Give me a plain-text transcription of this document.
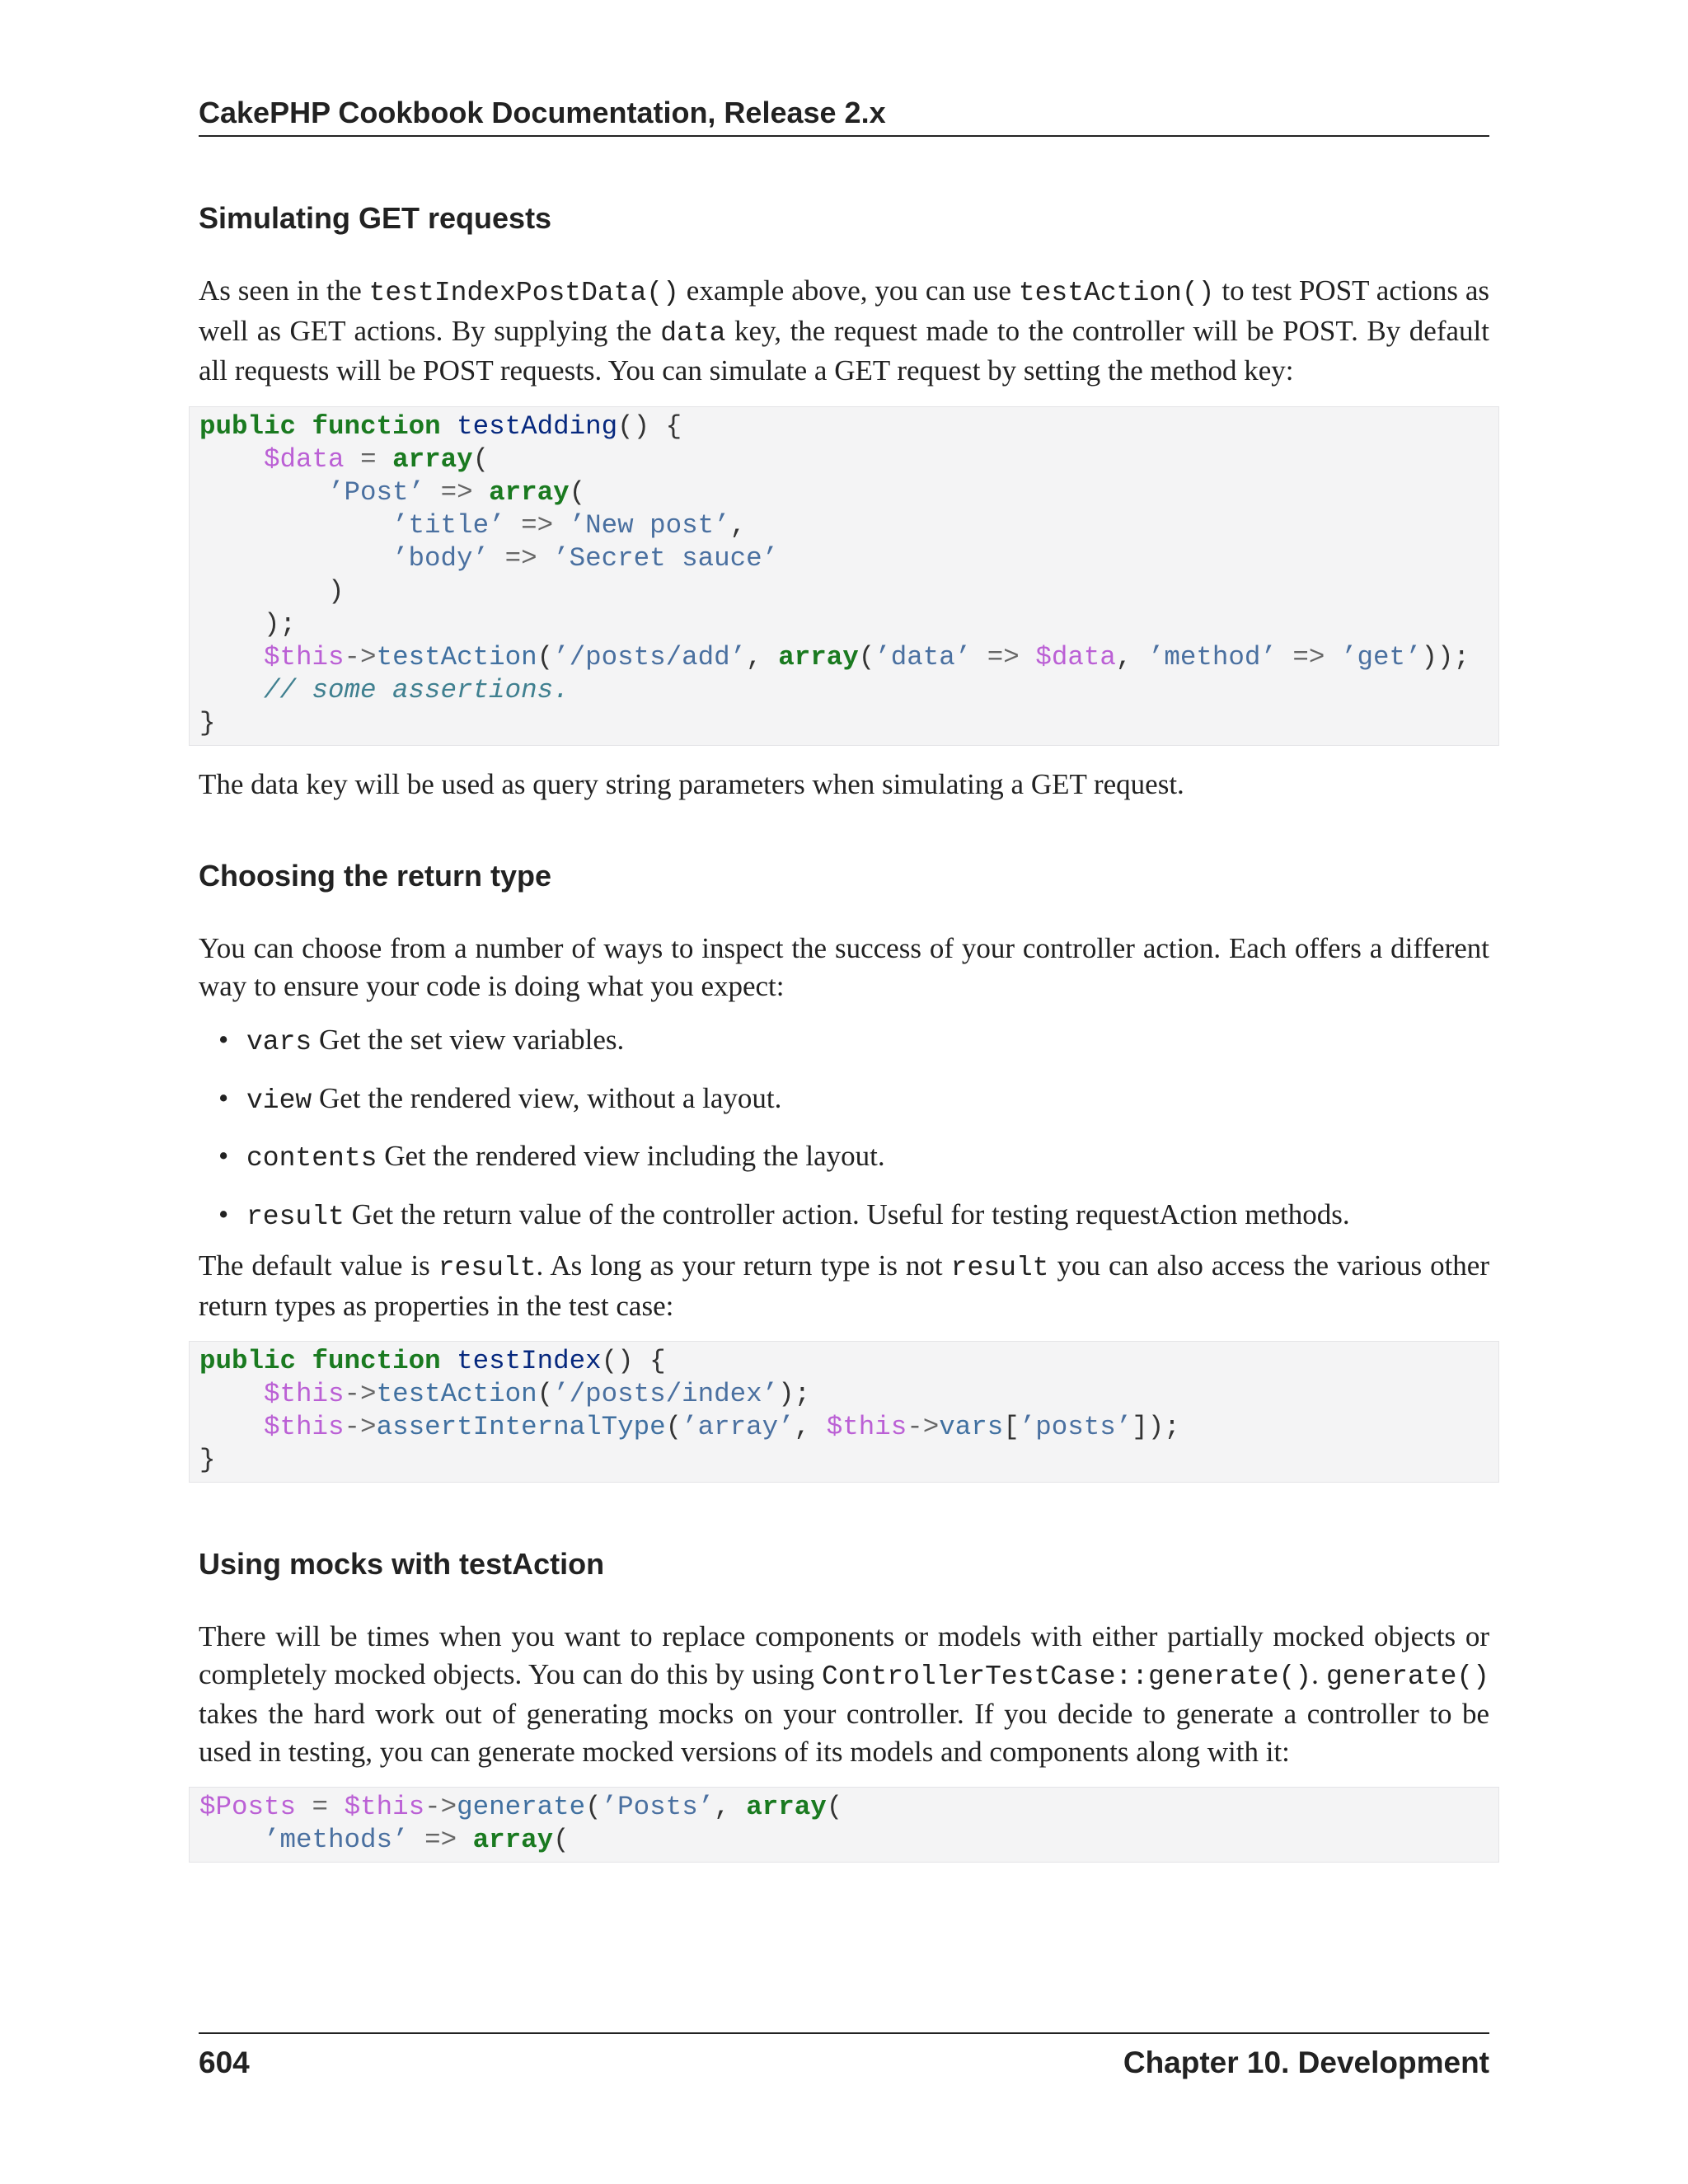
CakePHP Cookbook Documentation, Release 2.x
Simulating GET requests

As seen in the testIndexPostData() example above, you can use testAction() to test POST actions as well as GET actions. By supplying the data key, the request made to the controller will be POST. By default all requests will be POST requests. You can simulate a GET request by setting the method key:

public function testAdding() {
$data = array(
’Post’ => array(
’title’ => ’New post’,
’body’ => ’Secret sauce’
)
);
$this->testAction(’/posts/add’, array(’data’ => $data, ’method’ => ’get’));
// some assertions.
}

The data key will be used as query string parameters when simulating a GET request.

Choosing the return type

You can choose from a number of ways to inspect the success of your controller action. Each offers a different way to ensure your code is doing what you expect:

• vars Get the set view variables.
• view Get the rendered view, without a layout.
• contents Get the rendered view including the layout.
• result Get the return value of the controller action. Useful for testing requestAction methods.

The default value is result. As long as your return type is not result you can also access the various other return types as properties in the test case:

public function testIndex() {
$this->testAction(’/posts/index’);
$this->assertInternalType(’array’, $this->vars[’posts’]);
}
Using mocks with testAction

There will be times when you want to replace components or models with either partially mocked objects or completely mocked objects. You can do this by using ControllerTestCase::generate(). generate() takes the hard work out of generating mocks on your controller. If you decide to generate a controller to be used in testing, you can generate mocked versions of its models and components along with it:

$Posts = $this->generate(’Posts’, array(
’methods’ => array(
604	Chapter 10. Development
